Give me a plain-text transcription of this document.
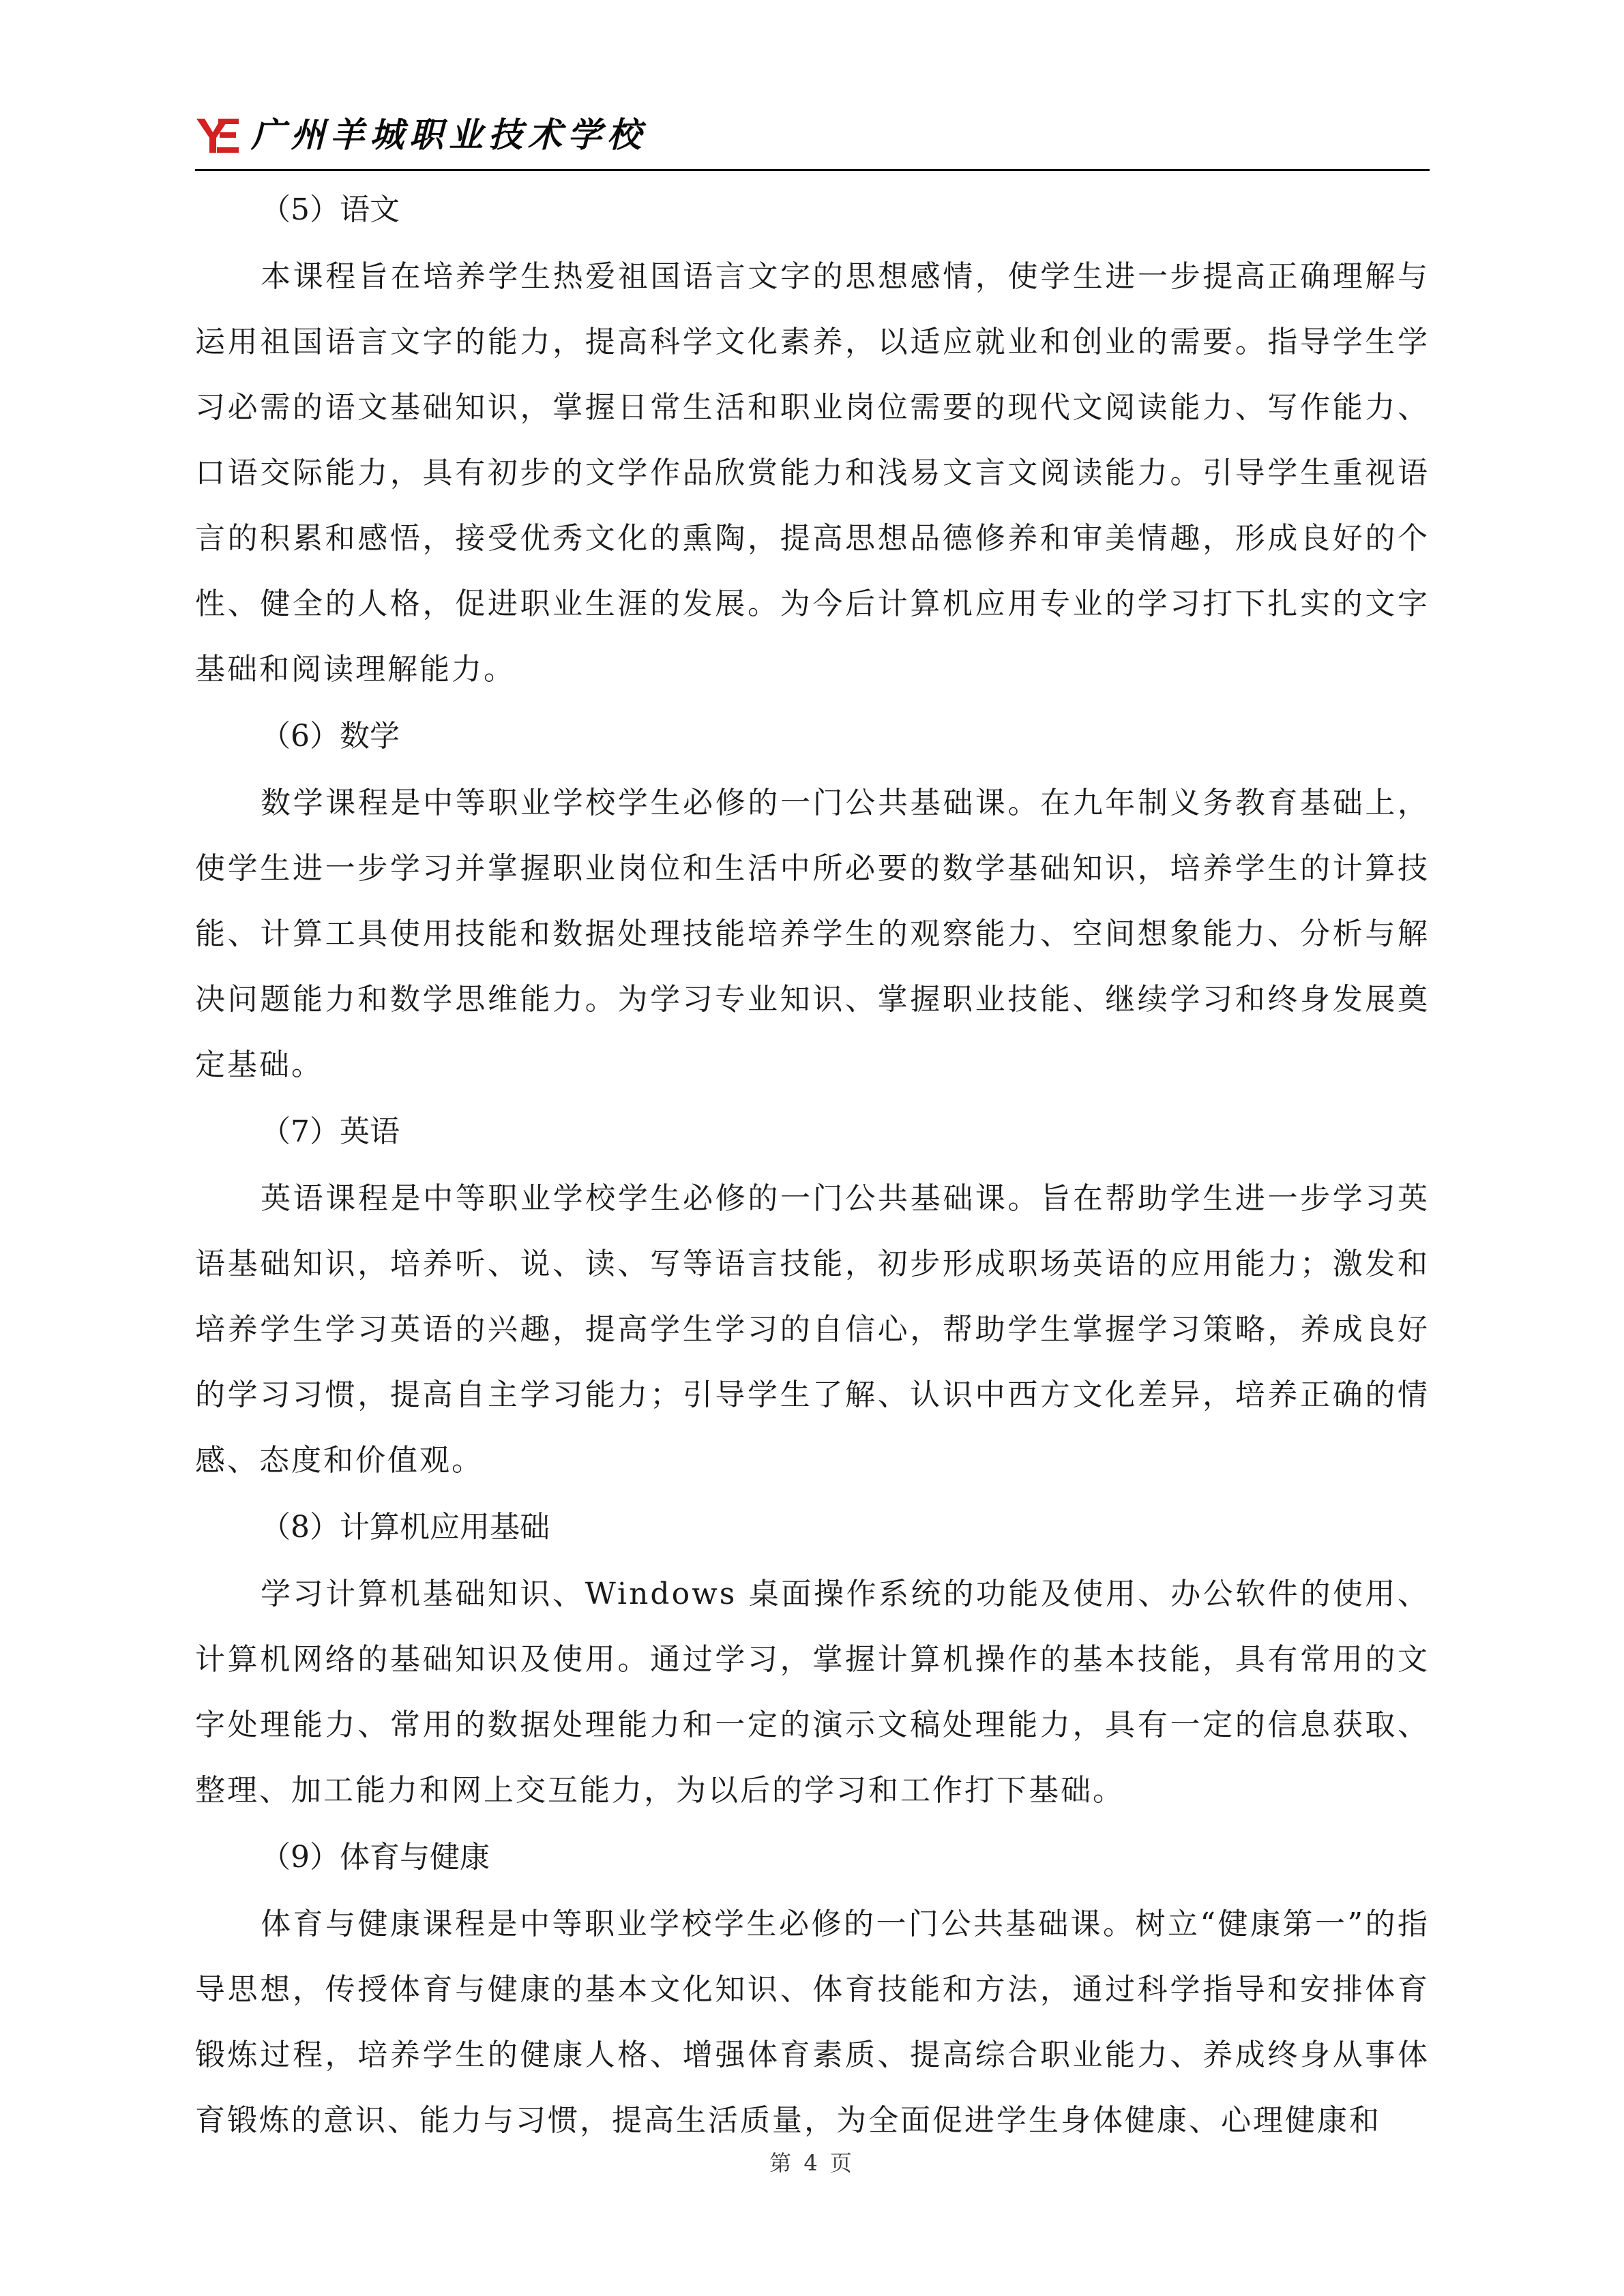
广州羊城职业技术学校

（5）语文

本课程旨在培养学生热爱祖国语言文字的思想感情，使学生进一步提高正确理解与运用祖国语言文字的能力，提高科学文化素养，以适应就业和创业的需要。指导学生学习必需的语文基础知识，掌握日常生活和职业岗位需要的现代文阅读能力、写作能力、口语交际能力，具有初步的文学作品欣赏能力和浅易文言文阅读能力。引导学生重视语言的积累和感悟，接受优秀文化的熏陶，提高思想品德修养和审美情趣，形成良好的个性、健全的人格，促进职业生涯的发展。为今后计算机应用专业的学习打下扎实的文字基础和阅读理解能力。

（6）数学

数学课程是中等职业学校学生必修的一门公共基础课。在九年制义务教育基础上，使学生进一步学习并掌握职业岗位和生活中所必要的数学基础知识，培养学生的计算技能、计算工具使用技能和数据处理技能培养学生的观察能力、空间想象能力、分析与解决问题能力和数学思维能力。为学习专业知识、掌握职业技能、继续学习和终身发展奠定基础。

（7）英语

英语课程是中等职业学校学生必修的一门公共基础课。旨在帮助学生进一步学习英语基础知识，培养听、说、读、写等语言技能，初步形成职场英语的应用能力；激发和培养学生学习英语的兴趣，提高学生学习的自信心，帮助学生掌握学习策略，养成良好的学习习惯，提高自主学习能力；引导学生了解、认识中西方文化差异，培养正确的情感、态度和价值观。

（8）计算机应用基础

学习计算机基础知识、Windows 桌面操作系统的功能及使用、办公软件的使用、计算机网络的基础知识及使用。通过学习，掌握计算机操作的基本技能，具有常用的文字处理能力、常用的数据处理能力和一定的演示文稿处理能力，具有一定的信息获取、整理、加工能力和网上交互能力，为以后的学习和工作打下基础。

（9）体育与健康

体育与健康课程是中等职业学校学生必修的一门公共基础课。树立“健康第一”的指导思想，传授体育与健康的基本文化知识、体育技能和方法，通过科学指导和安排体育锻炼过程，培养学生的健康人格、增强体育素质、提高综合职业能力、养成终身从事体育锻炼的意识、能力与习惯，提高生活质量，为全面促进学生身体健康、心理健康和

第 4 页
